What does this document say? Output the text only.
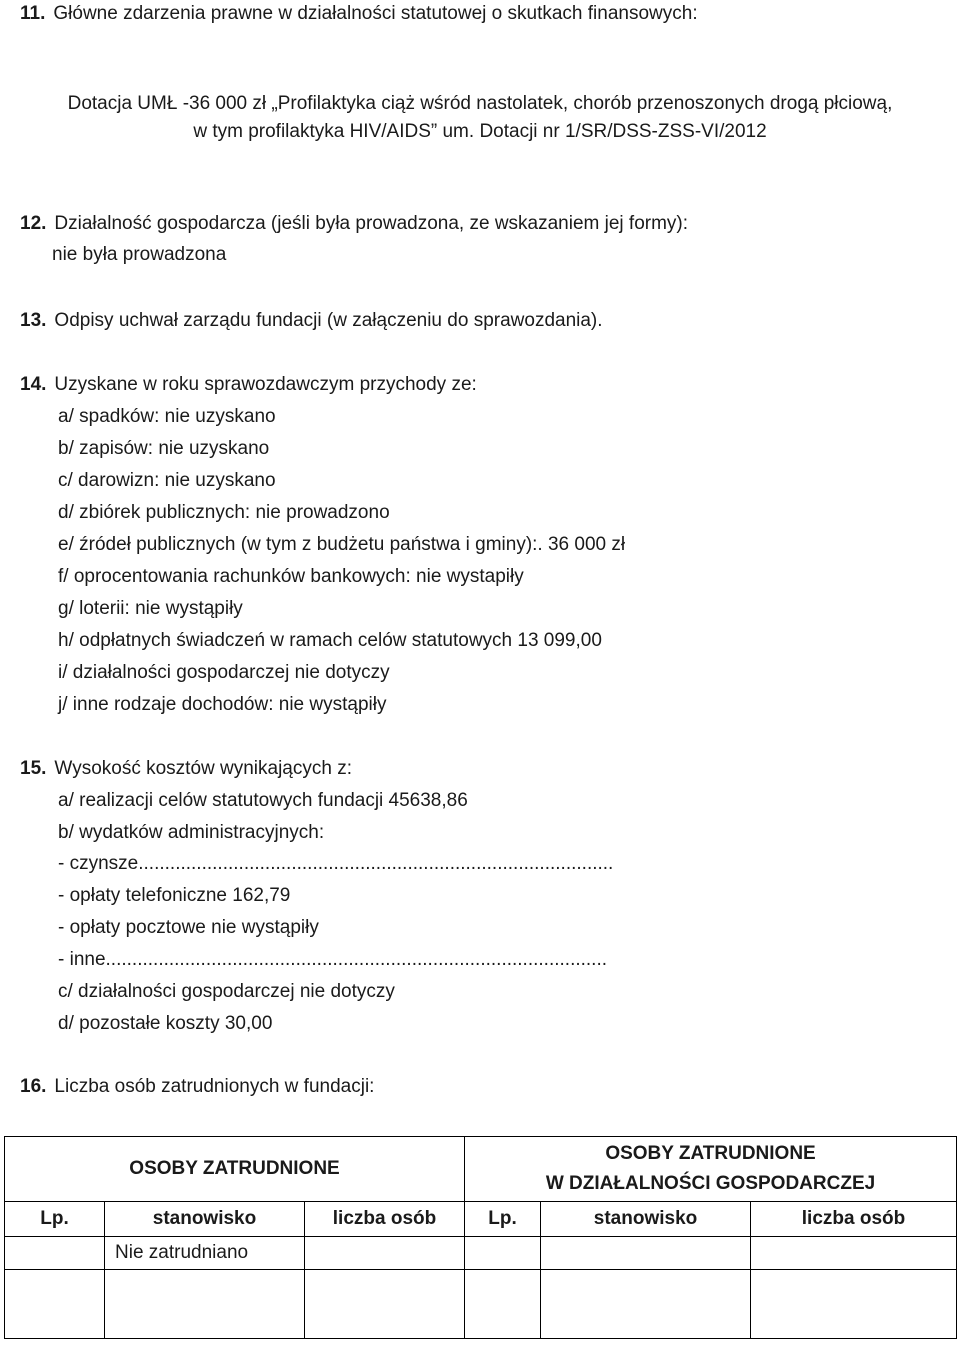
11. Główne zdarzenia prawne w działalności statutowej o skutkach finansowych:
Dotacja UMŁ -36 000 zł „Profilaktyka ciąż wśród nastolatek, chorób przenoszonych drogą płciową,
w tym profilaktyka HIV/AIDS” um. Dotacji nr 1/SR/DSS-ZSS-VI/2012
12. Działalność gospodarcza (jeśli była prowadzona, ze wskazaniem jej formy):
nie była prowadzona
13. Odpisy uchwał zarządu fundacji (w załączeniu do sprawozdania).
14. Uzyskane w roku sprawozdawczym przychody ze:
a/ spadków: nie uzyskano
b/ zapisów: nie uzyskano
c/ darowizn: nie uzyskano
d/ zbiórek publicznych: nie prowadzono
e/ źródeł publicznych (w tym z budżetu państwa i gminy):. 36 000 zł
f/ oprocentowania rachunków bankowych: nie wystapiły
g/ loterii: nie wystąpiły
h/ odpłatnych świadczeń w ramach celów statutowych 13 099,00
i/ działalności gospodarczej nie dotyczy
j/ inne rodzaje dochodów: nie wystąpiły
15. Wysokość kosztów wynikających z:
a/ realizacji celów statutowych fundacji 45638,86
b/ wydatków administracyjnych:
- czynsze..........................................................................................
- opłaty telefoniczne 162,79
- opłaty pocztowe nie wystąpiły
- inne...............................................................................................
c/ działalności gospodarczej nie dotyczy
d/ pozostałe koszty 30,00
16. Liczba osób zatrudnionych w fundacji:
OSOBY ZATRUDNIONE			OSOBY ZATRUDNIONE
W DZIAŁALNOŚCI GOSPODARCZEJ		

Lp.	stanowisko	liczba osób	Lp.	stanowisko	liczba osób
	Nie zatrudniano				
